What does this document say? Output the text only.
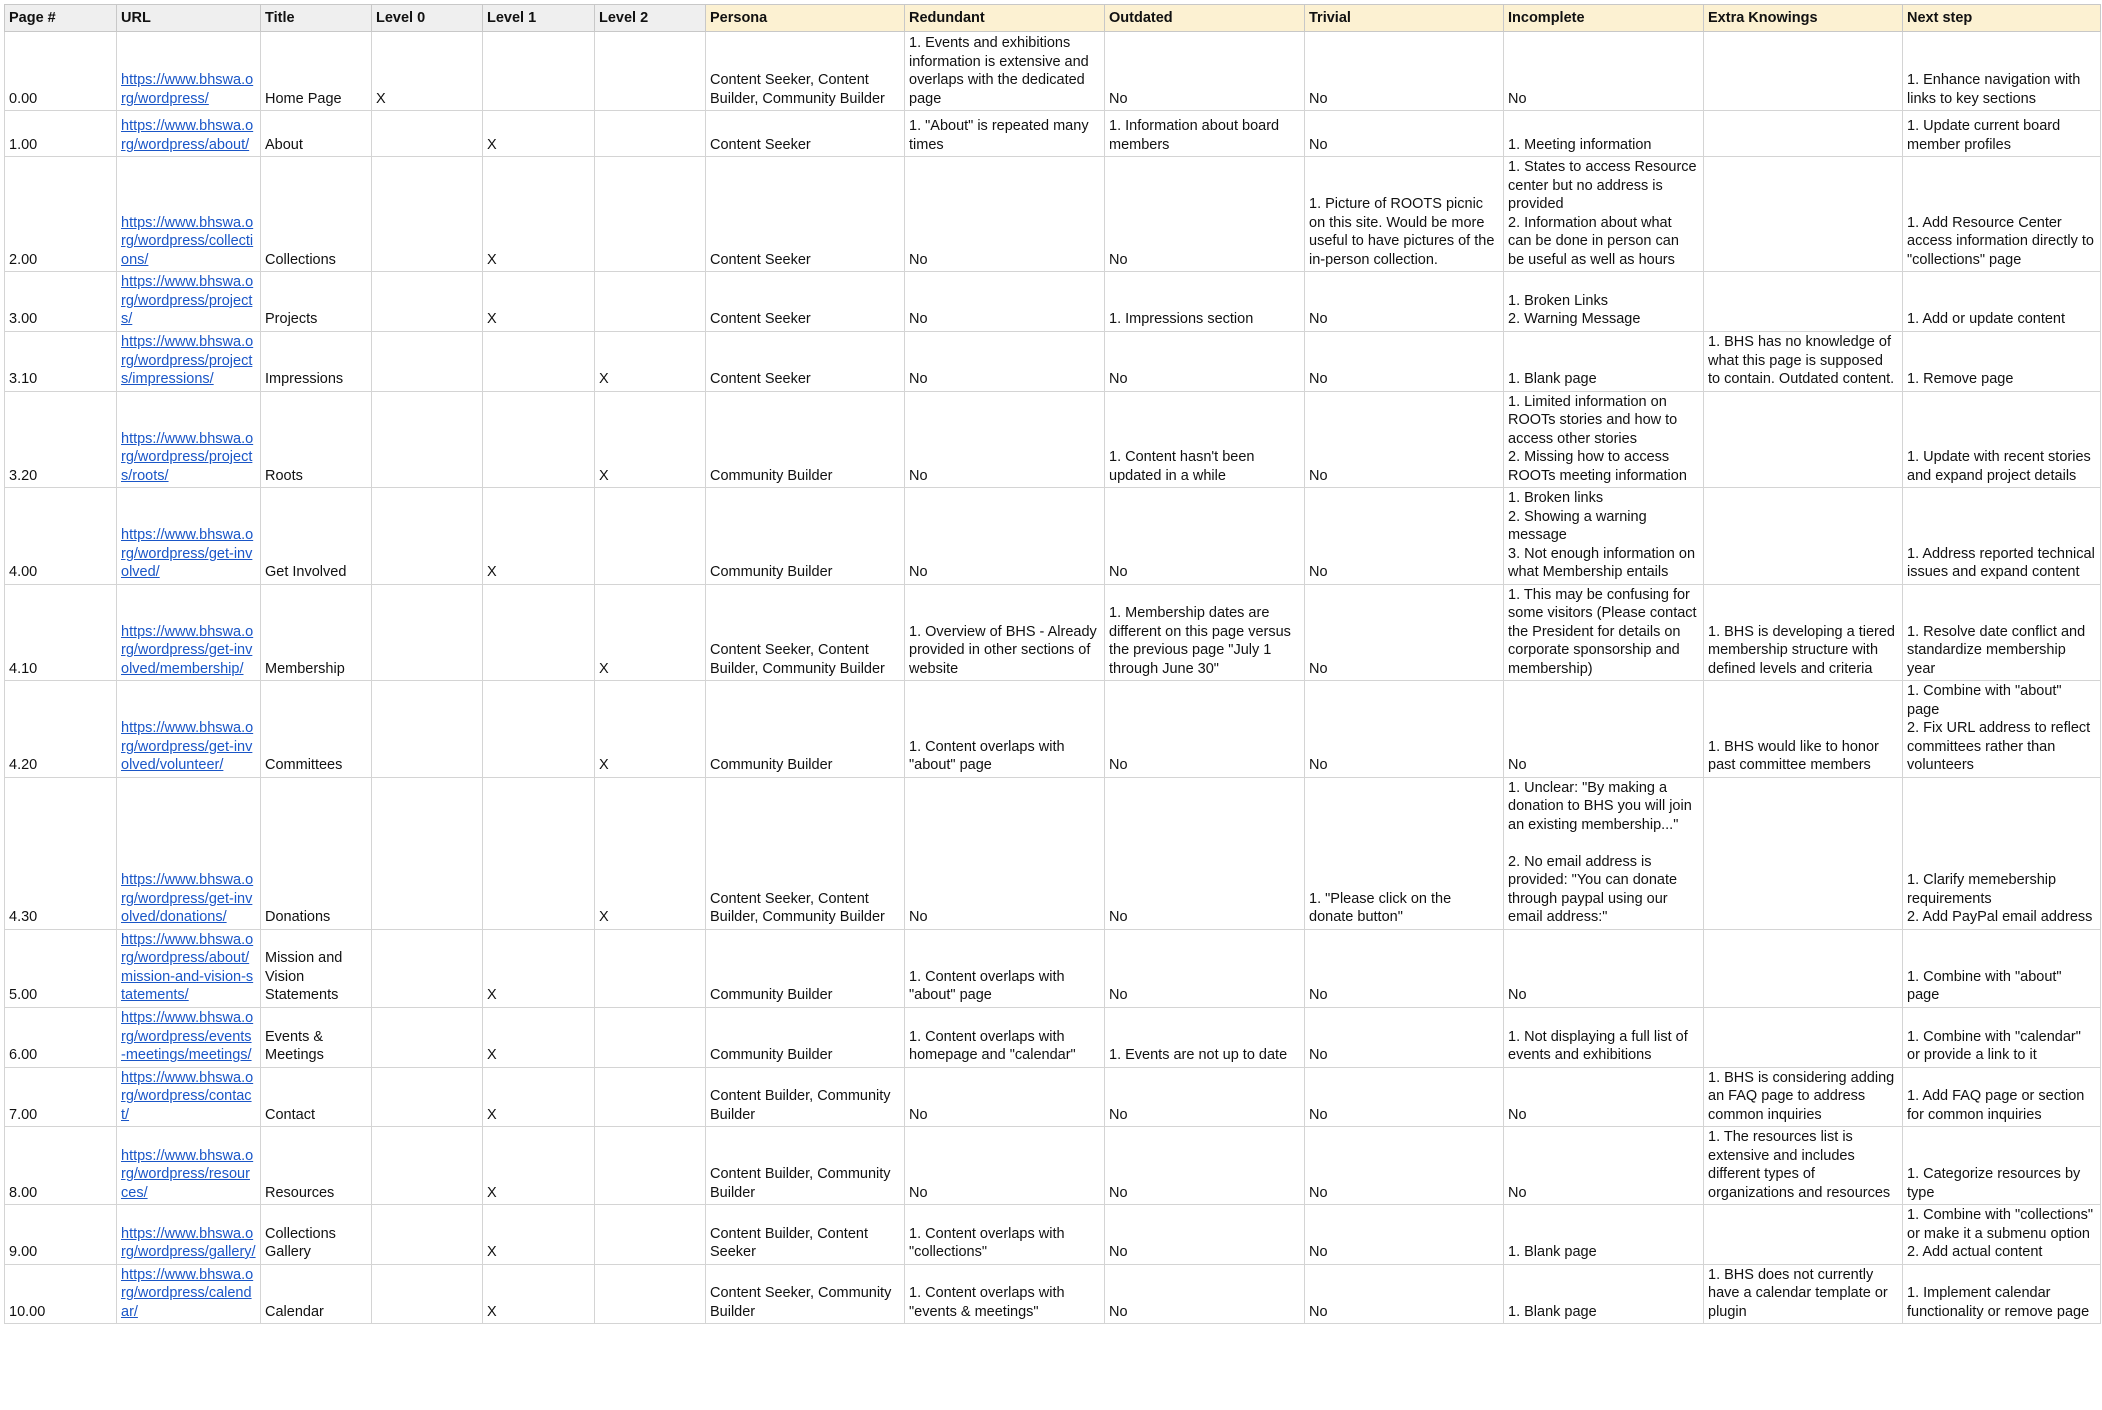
Page #	URL	Title	Level 0	Level 1	Level 2	Persona	Redundant	Outdated	Trivial	Incomplete	Extra Knowings	Next step
0.00	https://www.bhswa.org/wordpress/	Home Page	X			Content Seeker, Content Builder, Community Builder	1. Events and exhibitions information is extensive and overlaps with the dedicated page	No	No	No		1. Enhance navigation with links to key sections
1.00	https://www.bhswa.org/wordpress/about/	About		X		Content Seeker	1. "About" is repeated many times	1. Information about board members	No	1. Meeting information		1. Update current board member profiles
2.00	https://www.bhswa.org/wordpress/collections/	Collections		X		Content Seeker	No	No	1. Picture of ROOTS picnic on this site. Would be more useful to have pictures of the in-person collection.	1. States to access Resource center but no address is provided
2. Information about what can be done in person can be useful as well as hours		1. Add Resource Center access information directly to "collections" page
3.00	https://www.bhswa.org/wordpress/projects/	Projects		X		Content Seeker	No	1. Impressions section	No	1. Broken Links
2. Warning Message		1. Add or update content
3.10	https://www.bhswa.org/wordpress/projects/impressions/	Impressions			X	Content Seeker	No	No	No	1. Blank page	1. BHS has no knowledge of what this page is supposed to contain. Outdated content.	1. Remove page
3.20	https://www.bhswa.org/wordpress/projects/roots/	Roots			X	Community Builder	No	1. Content hasn't been updated in a while	No	1. Limited information on ROOTs stories and how to access other stories
2. Missing how to access ROOTs meeting information		1. Update with recent stories and expand project details
4.00	https://www.bhswa.org/wordpress/get-involved/	Get Involved		X		Community Builder	No	No	No	1. Broken links
2. Showing a warning message
3. Not enough information on what Membership entails		1. Address reported technical issues and expand content
4.10	https://www.bhswa.org/wordpress/get-involved/membership/	Membership			X	Content Seeker, Content Builder, Community Builder	1. Overview of BHS - Already provided in other sections of website	1. Membership dates are different on this page versus the previous page "July 1 through June 30"	No	1. This may be confusing for some visitors (Please contact the President for details on corporate sponsorship and membership)	1. BHS is developing a tiered membership structure with defined levels and criteria	1. Resolve date conflict and standardize membership year
4.20	https://www.bhswa.org/wordpress/get-involved/volunteer/	Committees			X	Community Builder	1. Content overlaps with "about" page	No	No	No	1. BHS would like to honor past committee members	1. Combine with "about" page
2. Fix URL address to reflect committees rather than volunteers
4.30	https://www.bhswa.org/wordpress/get-involved/donations/	Donations			X	Content Seeker, Content Builder, Community Builder	No	No	1. "Please click on the donate button"	1. Unclear: "By making a donation to BHS you will join an existing membership..."

2. No email address is provided: "You can donate through paypal using our email address:"		1. Clarify memebership requirements
2. Add PayPal email address
5.00	https://www.bhswa.org/wordpress/about/mission-and-vision-statements/	Mission and Vision Statements		X		Community Builder	1. Content overlaps with "about" page	No	No	No		1. Combine with "about" page
6.00	https://www.bhswa.org/wordpress/events-meetings/meetings/	Events & Meetings		X		Community Builder	1. Content overlaps with homepage and "calendar"	1. Events are not up to date	No	1. Not displaying a full list of events and exhibitions		1. Combine with "calendar" or provide a link to it
7.00	https://www.bhswa.org/wordpress/contact/	Contact		X		Content Builder, Community Builder	No	No	No	No	1. BHS is considering adding an FAQ page to address common inquiries	1. Add FAQ page or section for common inquiries
8.00	https://www.bhswa.org/wordpress/resources/	Resources		X		Content Builder, Community Builder	No	No	No	No	1. The resources list is extensive and includes different types of organizations and resources	1. Categorize resources by type
9.00	https://www.bhswa.org/wordpress/gallery/	Collections Gallery		X		Content Builder, Content Seeker	1. Content overlaps with "collections"	No	No	1. Blank page		1. Combine with "collections" or make it a submenu option
2. Add actual content
10.00	https://www.bhswa.org/wordpress/calendar/	Calendar		X		Content Seeker, Community Builder	1. Content overlaps with "events & meetings"	No	No	1. Blank page	1. BHS does not currently have a calendar template or plugin	1. Implement calendar functionality or remove page
